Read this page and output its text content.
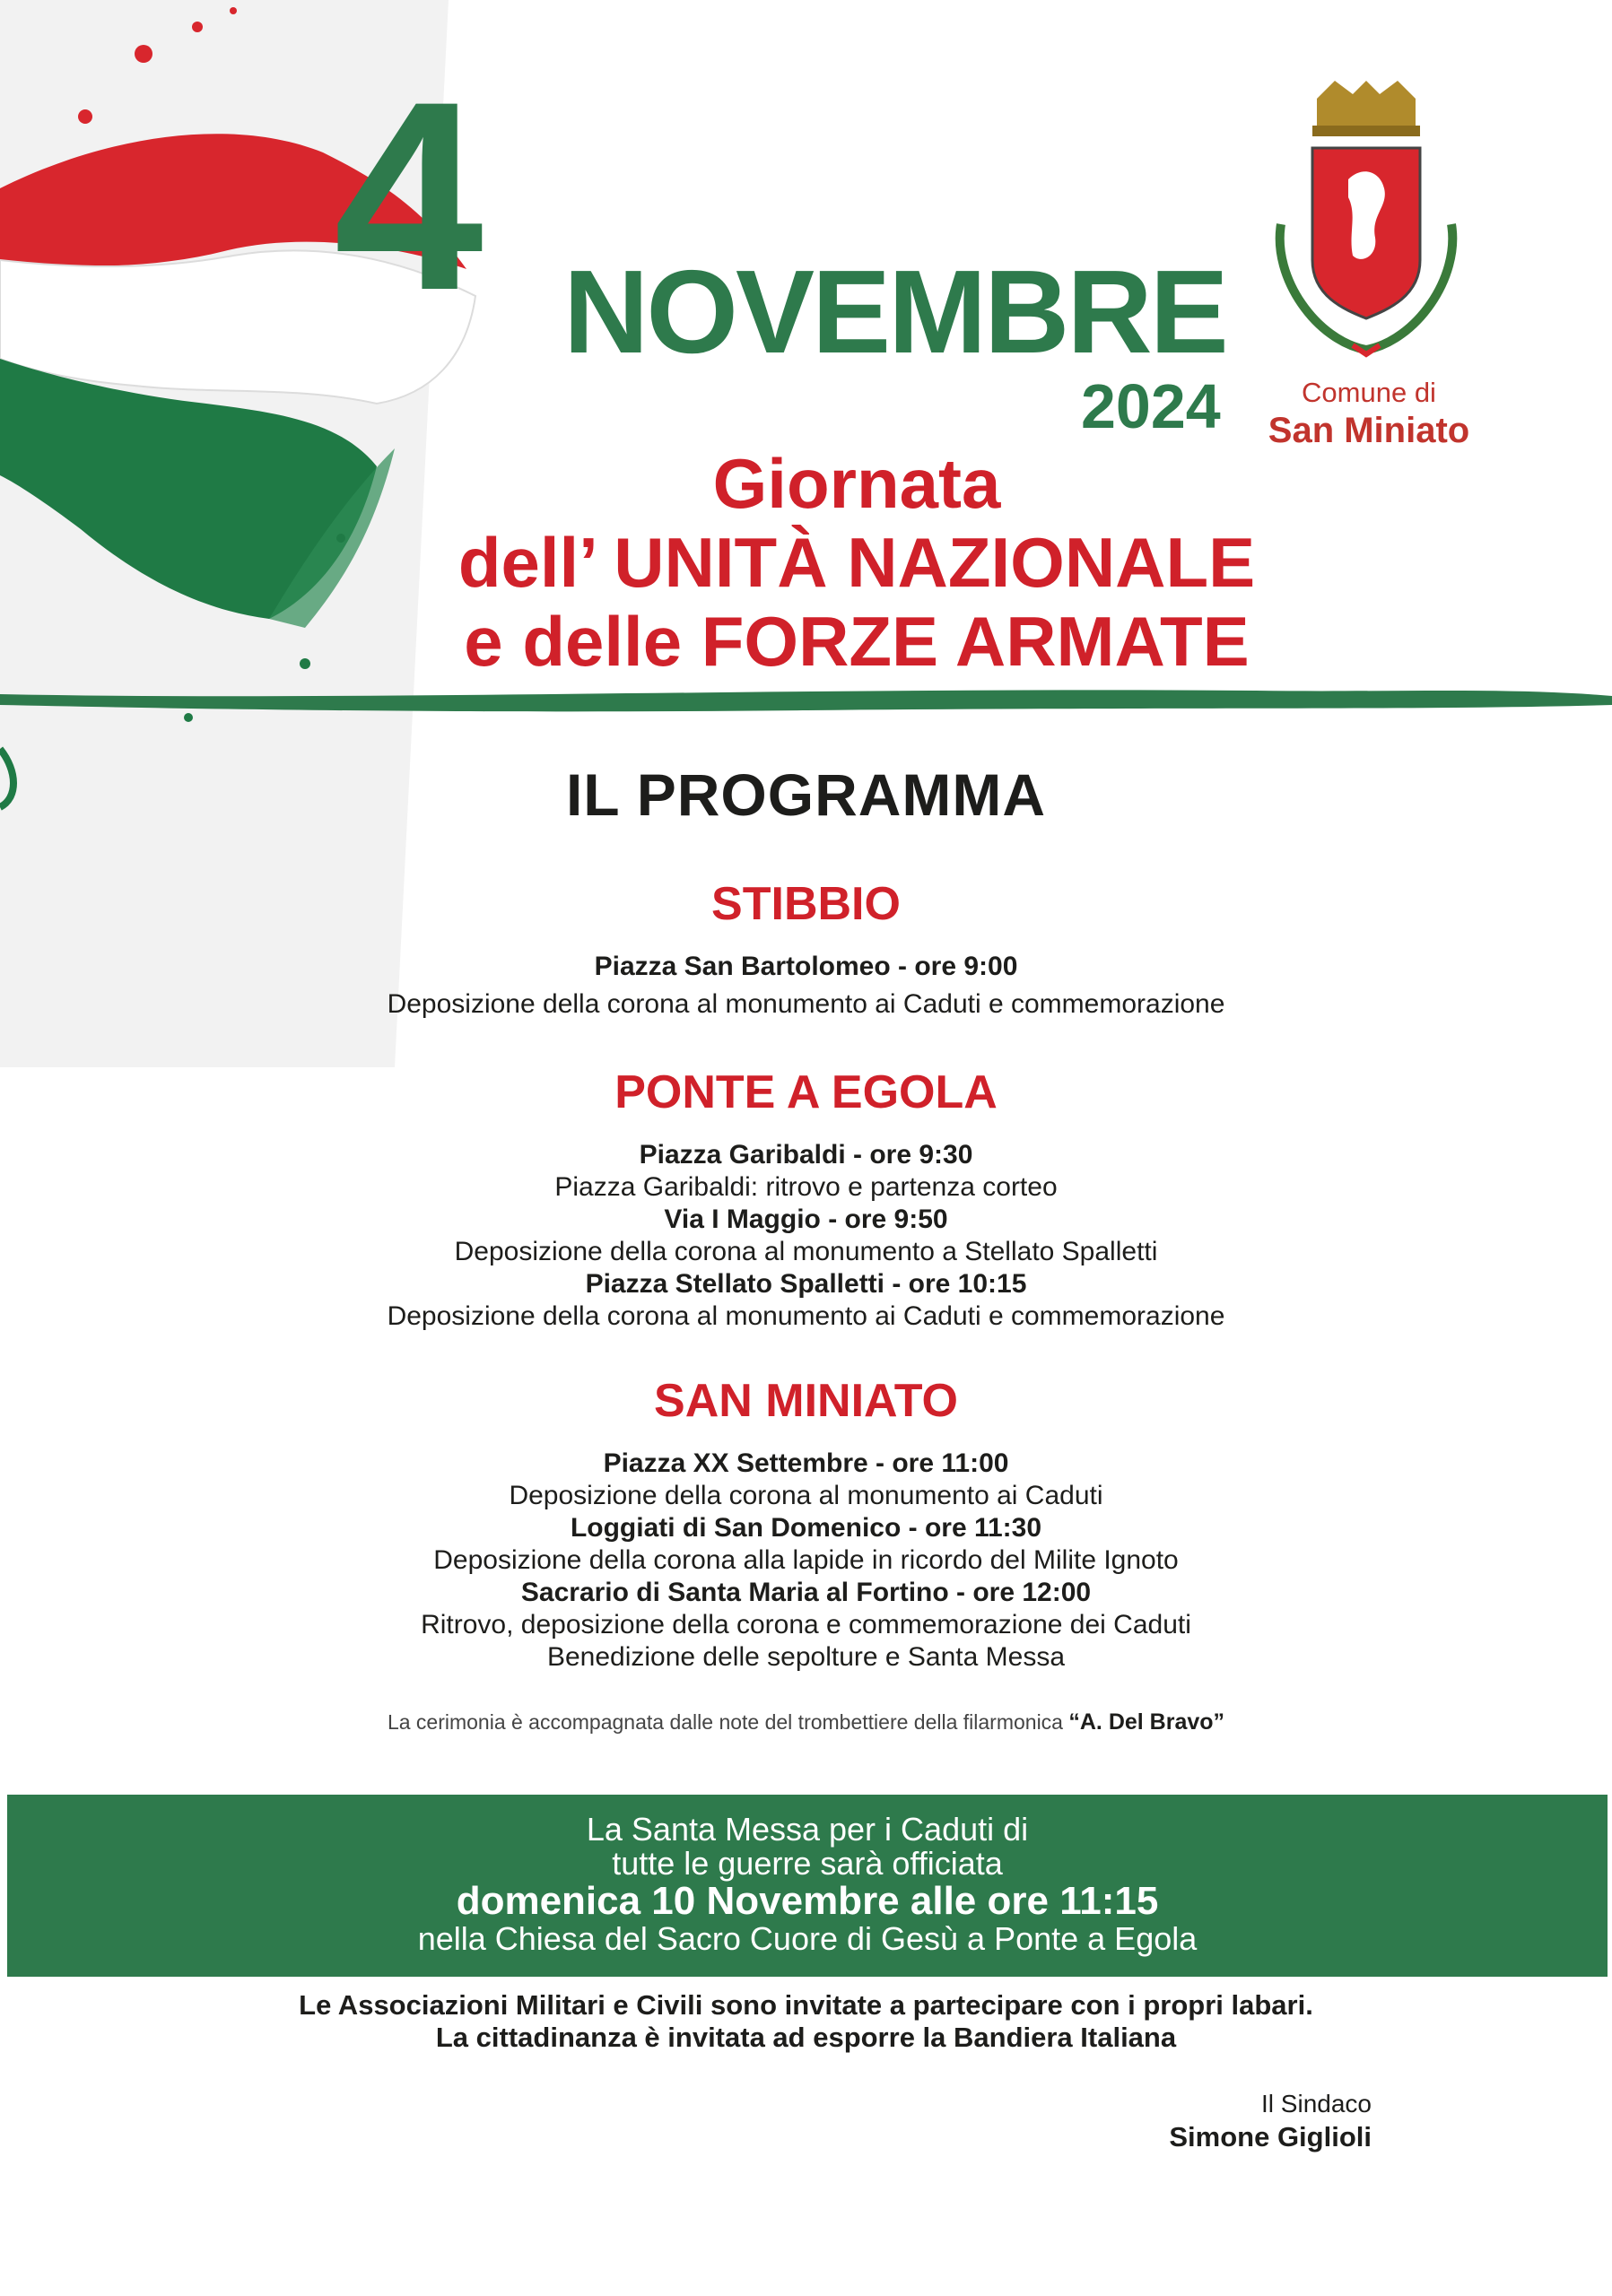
4 NOVEMBRE
2024
Giornata
dell’ UNITÀ NAZIONALE
e delle FORZE ARMATE
Comune di
San Miniato
IL PROGRAMMA
STIBBIO
Piazza San Bartolomeo - ore 9:00
Deposizione della corona al monumento ai Caduti e commemorazione
PONTE A EGOLA
Piazza Garibaldi - ore 9:30
Piazza Garibaldi: ritrovo e partenza corteo
Via I Maggio - ore 9:50
Deposizione della corona al monumento a Stellato Spalletti
Piazza Stellato Spalletti - ore 10:15
Deposizione della corona al monumento ai Caduti e commemorazione
SAN MINIATO
Piazza XX Settembre - ore 11:00
Deposizione della corona al monumento ai Caduti
Loggiati di San Domenico - ore 11:30
Deposizione della corona alla lapide in ricordo del Milite Ignoto
Sacrario di Santa Maria al Fortino - ore 12:00
Ritrovo, deposizione della corona e commemorazione dei Caduti
Benedizione delle sepolture e Santa Messa
La cerimonia è accompagnata dalle note del trombettiere della filarmonica “A. Del Bravo”
La Santa Messa per i Caduti di
tutte le guerre sarà officiata
domenica 10 Novembre alle ore 11:15
nella Chiesa del Sacro Cuore di Gesù a Ponte a Egola
Le Associazioni Militari e Civili sono invitate a partecipare con i propri labari.
La cittadinanza è invitata ad esporre la Bandiera Italiana
Il Sindaco
Simone Giglioli
